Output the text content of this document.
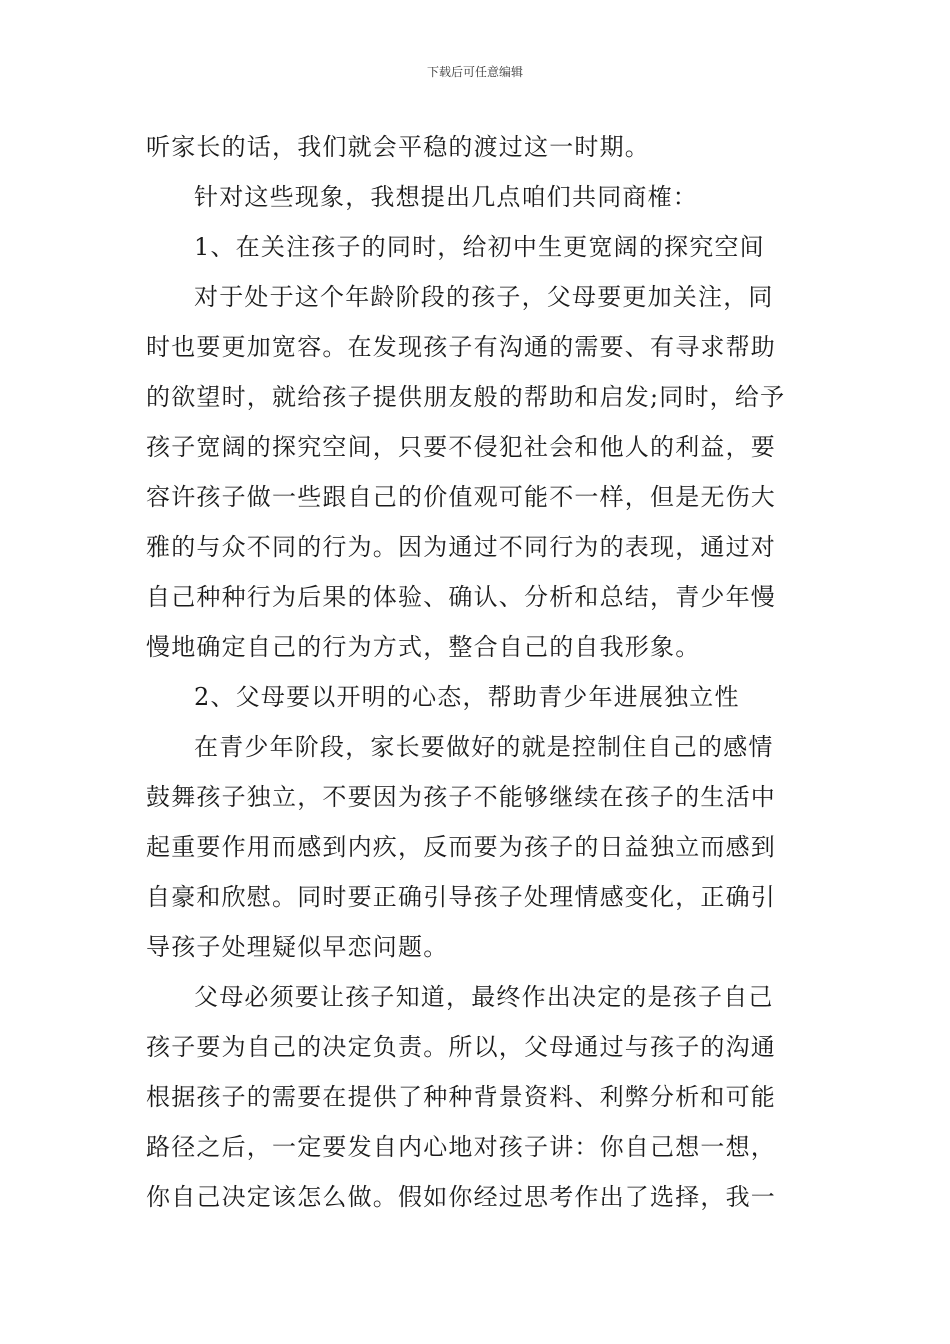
下载后可任意编辑
听家长的话，我们就会平稳的渡过这一时期。
针对这些现象，我想提出几点咱们共同商榷：
1、在关注孩子的同时，给初中生更宽阔的探究空间
对于处于这个年龄阶段的孩子，父母要更加关注，同
时也要更加宽容。在发现孩子有沟通的需要、有寻求帮助
的欲望时，就给孩子提供朋友般的帮助和启发;同时，给予
孩子宽阔的探究空间，只要不侵犯社会和他人的利益，要
容许孩子做一些跟自己的价值观可能不一样，但是无伤大
雅的与众不同的行为。因为通过不同行为的表现，通过对
自己种种行为后果的体验、确认、分析和总结，青少年慢
慢地确定自己的行为方式，整合自己的自我形象。
2、父母要以开明的心态，帮助青少年进展独立性
在青少年阶段，家长要做好的就是控制住自己的感情
鼓舞孩子独立，不要因为孩子不能够继续在孩子的生活中
起重要作用而感到内疚，反而要为孩子的日益独立而感到
自豪和欣慰。同时要正确引导孩子处理情感变化，正确引
导孩子处理疑似早恋问题。
父母必须要让孩子知道，最终作出决定的是孩子自己
孩子要为自己的决定负责。所以，父母通过与孩子的沟通
根据孩子的需要在提供了种种背景资料、利弊分析和可能
路径之后，一定要发自内心地对孩子讲：你自己想一想，
你自己决定该怎么做。假如你经过思考作出了选择，我一
